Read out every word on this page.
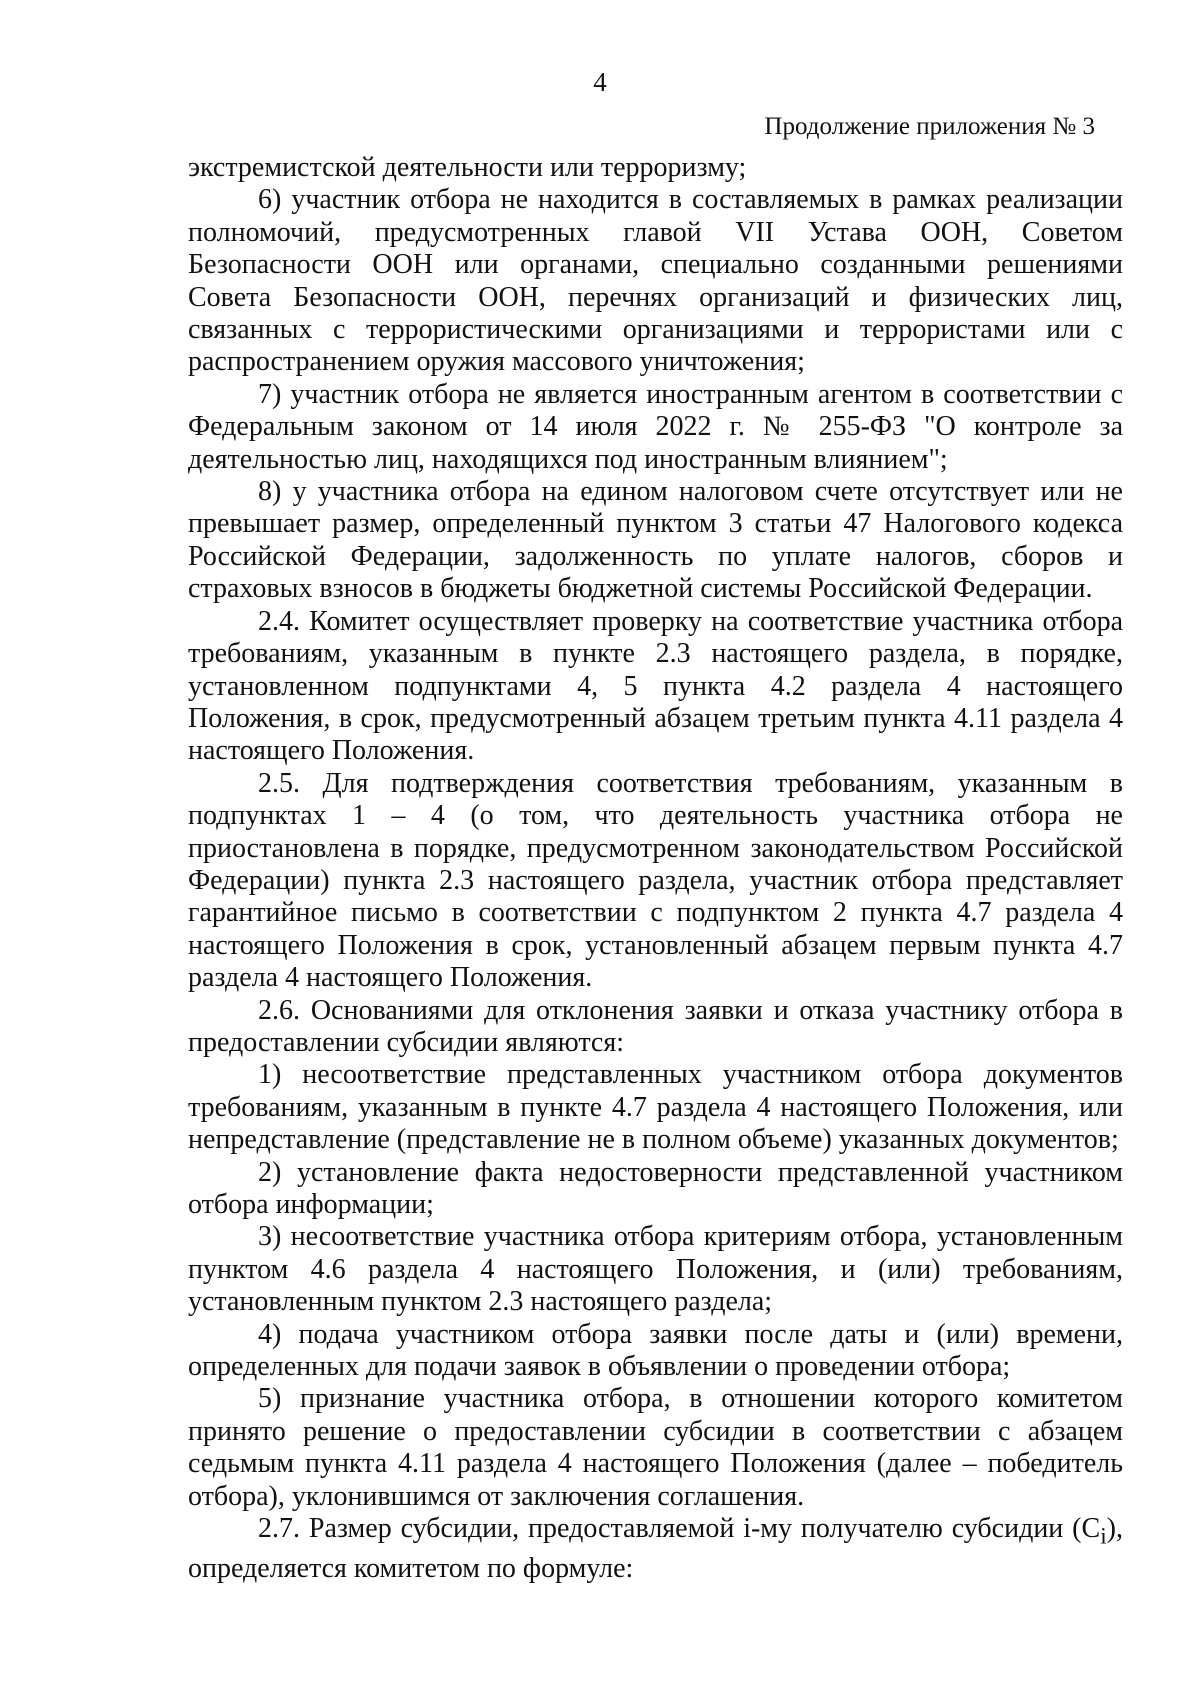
4
Продолжение приложения № 3

экстремистской деятельности или терроризму;

6) участник отбора не находится в составляемых в рамках реализации полномочий, предусмотренных главой VII Устава ООН, Советом Безопасности ООН или органами, специально созданными решениями Совета Безопасности ООН, перечнях организаций и физических лиц, связанных с террористическими организациями и террористами или с распространением оружия массового уничтожения;

7) участник отбора не является иностранным агентом в соответствии с Федеральным законом от 14 июля 2022 г. № 255-ФЗ "О контроле за деятельностью лиц, находящихся под иностранным влиянием";

8) у участника отбора на едином налоговом счете отсутствует или не превышает размер, определенный пунктом 3 статьи 47 Налогового кодекса Российской Федерации, задолженность по уплате налогов, сборов и страховых взносов в бюджеты бюджетной системы Российской Федерации.

2.4. Комитет осуществляет проверку на соответствие участника отбора требованиям, указанным в пункте 2.3 настоящего раздела, в порядке, установленном подпунктами 4, 5 пункта 4.2 раздела 4 настоящего Положения, в срок, предусмотренный абзацем третьим пункта 4.11 раздела 4 настоящего Положения.

2.5. Для подтверждения соответствия требованиям, указанным в подпунктах 1 – 4 (о том, что деятельность участника отбора не приостановлена в порядке, предусмотренном законодательством Российской Федерации) пункта 2.3 настоящего раздела, участник отбора представляет гарантийное письмо в соответствии с подпунктом 2 пункта 4.7 раздела 4 настоящего Положения в срок, установленный абзацем первым пункта 4.7 раздела 4 настоящего Положения.

2.6. Основаниями для отклонения заявки и отказа участнику отбора в предоставлении субсидии являются:

1) несоответствие представленных участником отбора документов требованиям, указанным в пункте 4.7 раздела 4 настоящего Положения, или непредставление (представление не в полном объеме) указанных документов;

2) установление факта недостоверности представленной участником отбора информации;

3) несоответствие участника отбора критериям отбора, установленным пунктом 4.6 раздела 4 настоящего Положения, и (или) требованиям, установленным пунктом 2.3 настоящего раздела;

4) подача участником отбора заявки после даты и (или) времени, определенных для подачи заявок в объявлении о проведении отбора;

5) признание участника отбора, в отношении которого комитетом принято решение о предоставлении субсидии в соответствии с абзацем седьмым пункта 4.11 раздела 4 настоящего Положения (далее – победитель отбора), уклонившимся от заключения соглашения.

2.7. Размер субсидии, предоставляемой i-му получателю субсидии $(C_i)$, определяется комитетом по формуле:
